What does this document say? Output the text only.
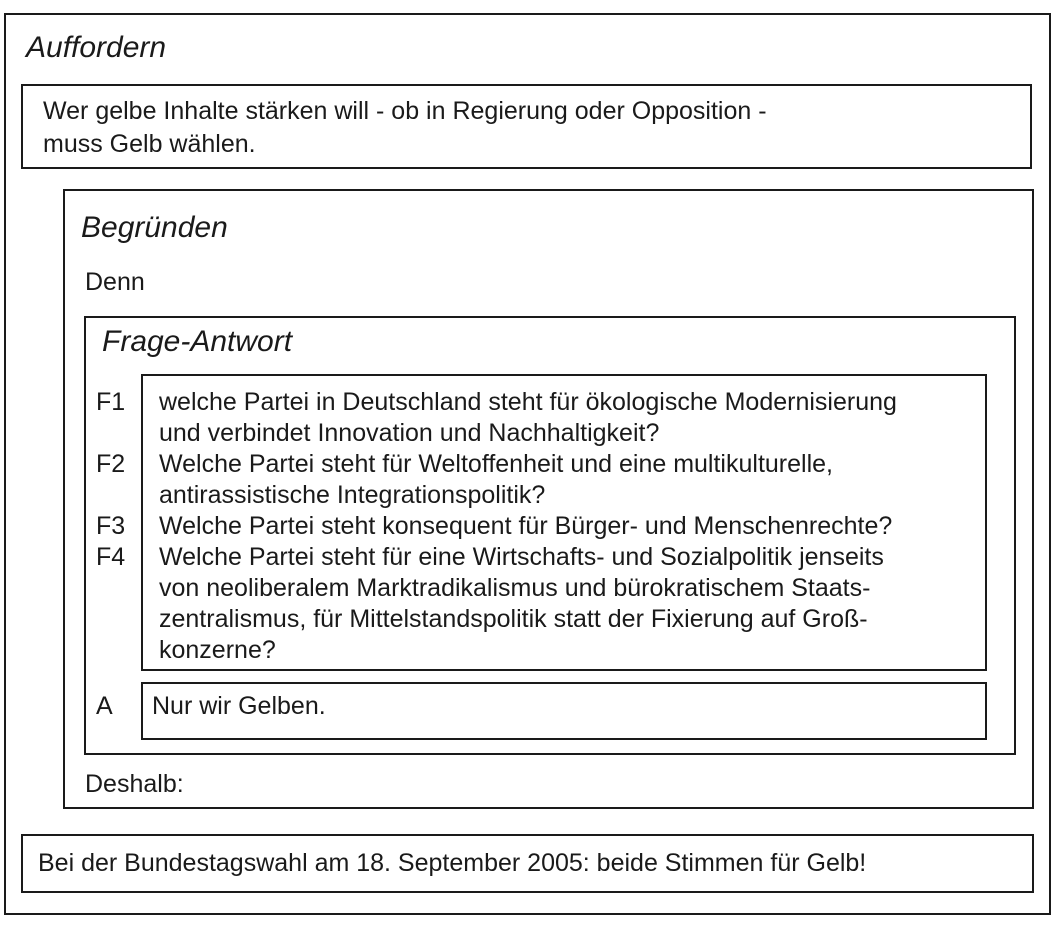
Auffordern
Wer gelbe Inhalte stärken will - ob in Regierung oder Opposition -
muss Gelb wählen.
Begründen
Denn
Frage-Antwort
F1
F2
F3
F4
welche Partei in Deutschland steht für ökologische Modernisierung
und verbindet Innovation und Nachhaltigkeit?
Welche Partei steht für Weltoffenheit und eine multikulturelle,
antirassistische Integrationspolitik?
Welche Partei steht konsequent für Bürger- und Menschenrechte?
Welche Partei steht für eine Wirtschafts- und Sozialpolitik jenseits
von neoliberalem Marktradikalismus und bürokratischem Staats-
zentralismus, für Mittelstandspolitik statt der Fixierung auf Groß-
konzerne?
A Nur wir Gelben.
Deshalb:
Bei der Bundestagswahl am 18. September 2005: beide Stimmen für Gelb!
